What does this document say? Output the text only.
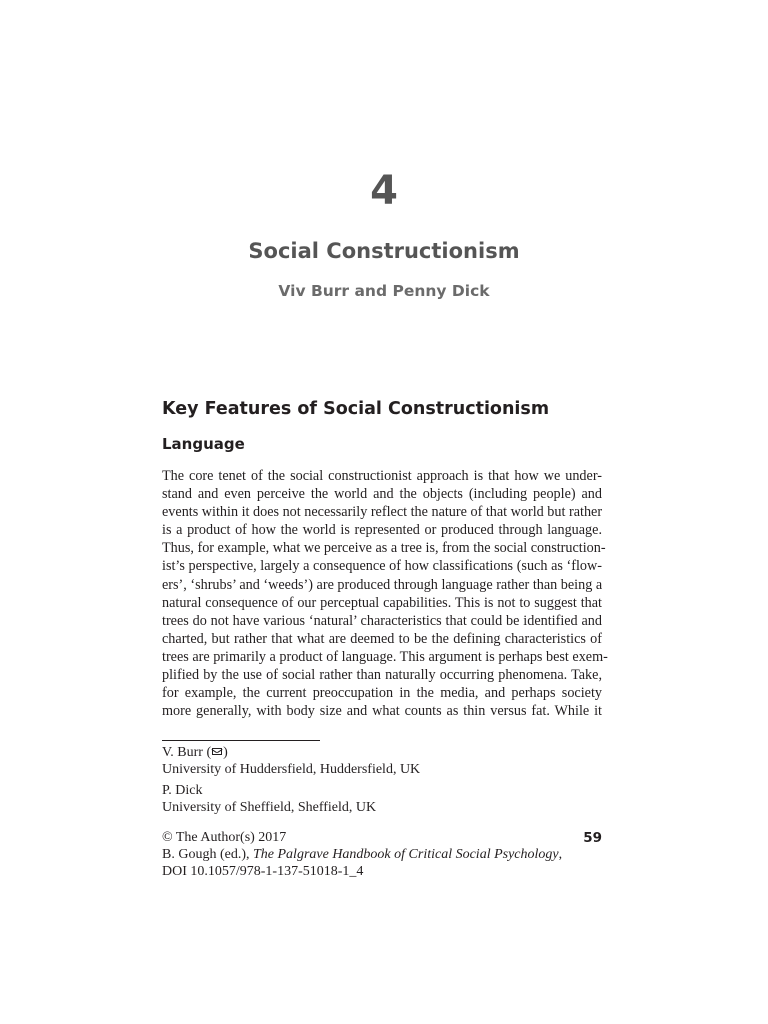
4
Social Constructionism
Viv Burr and Penny Dick
Key Features of Social Constructionism
Language
The core tenet of the social constructionist approach is that how we under-
stand and even perceive the world and the objects (including people) and
events within it does not necessarily reflect the nature of that world but rather
is a product of how the world is represented or produced through language.
Thus, for example, what we perceive as a tree is, from the social construction-
ist’s perspective, largely a consequence of how classifications (such as ‘flow-
ers’, ‘shrubs’ and ‘weeds’) are produced through language rather than being a
natural consequence of our perceptual capabilities. This is not to suggest that
trees do not have various ‘natural’ characteristics that could be identified and
charted, but rather that what are deemed to be the defining characteristics of
trees are primarily a product of language. This argument is perhaps best exem-
plified by the use of social rather than naturally occurring phenomena. Take,
for example, the current preoccupation in the media, and perhaps society
more generally, with body size and what counts as thin versus fat. While it
V. Burr ( )
University of Huddersfield, Huddersfield, UK
P. Dick
University of Sheffield, Sheffield, UK
© The Author(s) 2017
B. Gough (ed.), The Palgrave Handbook of Critical Social Psychology,
DOI 10.1057/978-1-137-51018-1_4
59
